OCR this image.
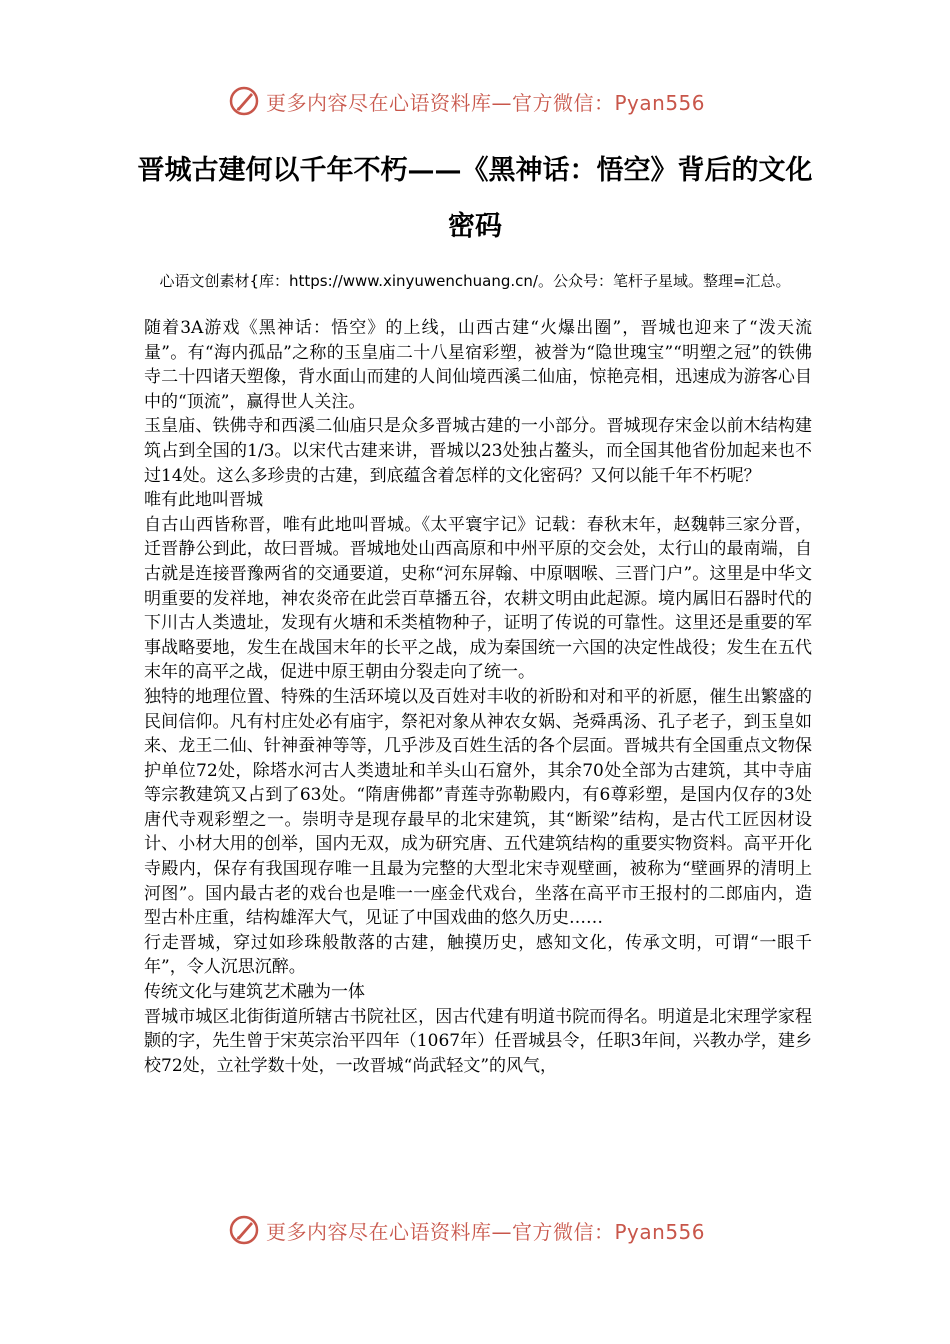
更多内容尽在心语资料库—官方微信：Pyan556
晋城古建何以千年不朽——《黑神话：悟空》背后的文化密码

心语文创素材{库：https://www.xinyuwenchuang.cn/。公众号：笔杆子星域。整理=汇总。

随着3A游戏《黑神话：悟空》的上线，山西古建“火爆出圈”，晋城也迎来了“泼天流量”。有“海内孤品”之称的玉皇庙二十八星宿彩塑，被誉为“隐世瑰宝”“明塑之冠”的铁佛寺二十四诸天塑像，背水面山而建的人间仙境西溪二仙庙，惊艳亮相，迅速成为游客心目中的“顶流”，赢得世人关注。

玉皇庙、铁佛寺和西溪二仙庙只是众多晋城古建的一小部分。晋城现存宋金以前木结构建筑占到全国的1/3。以宋代古建来讲，晋城以23处独占鳌头，而全国其他省份加起来也不过14处。这么多珍贵的古建，到底蕴含着怎样的文化密码？又何以能千年不朽呢？

唯有此地叫晋城

自古山西皆称晋，唯有此地叫晋城。《太平寰宇记》记载：春秋末年，赵魏韩三家分晋，迁晋静公到此，故曰晋城。晋城地处山西高原和中州平原的交会处，太行山的最南端，自古就是连接晋豫两省的交通要道，史称“河东屏翰、中原咽喉、三晋门户”。这里是中华文明重要的发祥地，神农炎帝在此尝百草播五谷，农耕文明由此起源。境内属旧石器时代的下川古人类遗址，发现有火塘和禾类植物种子，证明了传说的可靠性。这里还是重要的军事战略要地，发生在战国末年的长平之战，成为秦国统一六国的决定性战役；发生在五代末年的高平之战，促进中原王朝由分裂走向了统一。

独特的地理位置、特殊的生活环境以及百姓对丰收的祈盼和对和平的祈愿，催生出繁盛的民间信仰。凡有村庄处必有庙宇，祭祀对象从神农女娲、尧舜禹汤、孔子老子，到玉皇如来、龙王二仙、针神蚕神等等，几乎涉及百姓生活的各个层面。晋城共有全国重点文物保护单位72处，除塔水河古人类遗址和羊头山石窟外，其余70处全部为古建筑，其中寺庙等宗教建筑又占到了63处。“隋唐佛都”青莲寺弥勒殿内，有6尊彩塑，是国内仅存的3处唐代寺观彩塑之一。崇明寺是现存最早的北宋建筑，其“断梁”结构，是古代工匠因材设计、小材大用的创举，国内无双，成为研究唐、五代建筑结构的重要实物资料。高平开化寺殿内，保存有我国现存唯一且最为完整的大型北宋寺观壁画，被称为“壁画界的清明上河图”。国内最古老的戏台也是唯一一座金代戏台，坐落在高平市王报村的二郎庙内，造型古朴庄重，结构雄浑大气，见证了中国戏曲的悠久历史……

行走晋城，穿过如珍珠般散落的古建，触摸历史，感知文化，传承文明，可谓“一眼千年”，令人沉思沉醉。

传统文化与建筑艺术融为一体

晋城市城区北街街道所辖古书院社区，因古代建有明道书院而得名。明道是北宋理学家程颢的字，先生曾于宋英宗治平四年（1067年）任晋城县令，任职3年间，兴教办学，建乡校72处，立社学数十处，一改晋城“尚武轻文”的风气，

更多内容尽在心语资料库—官方微信：Pyan556
